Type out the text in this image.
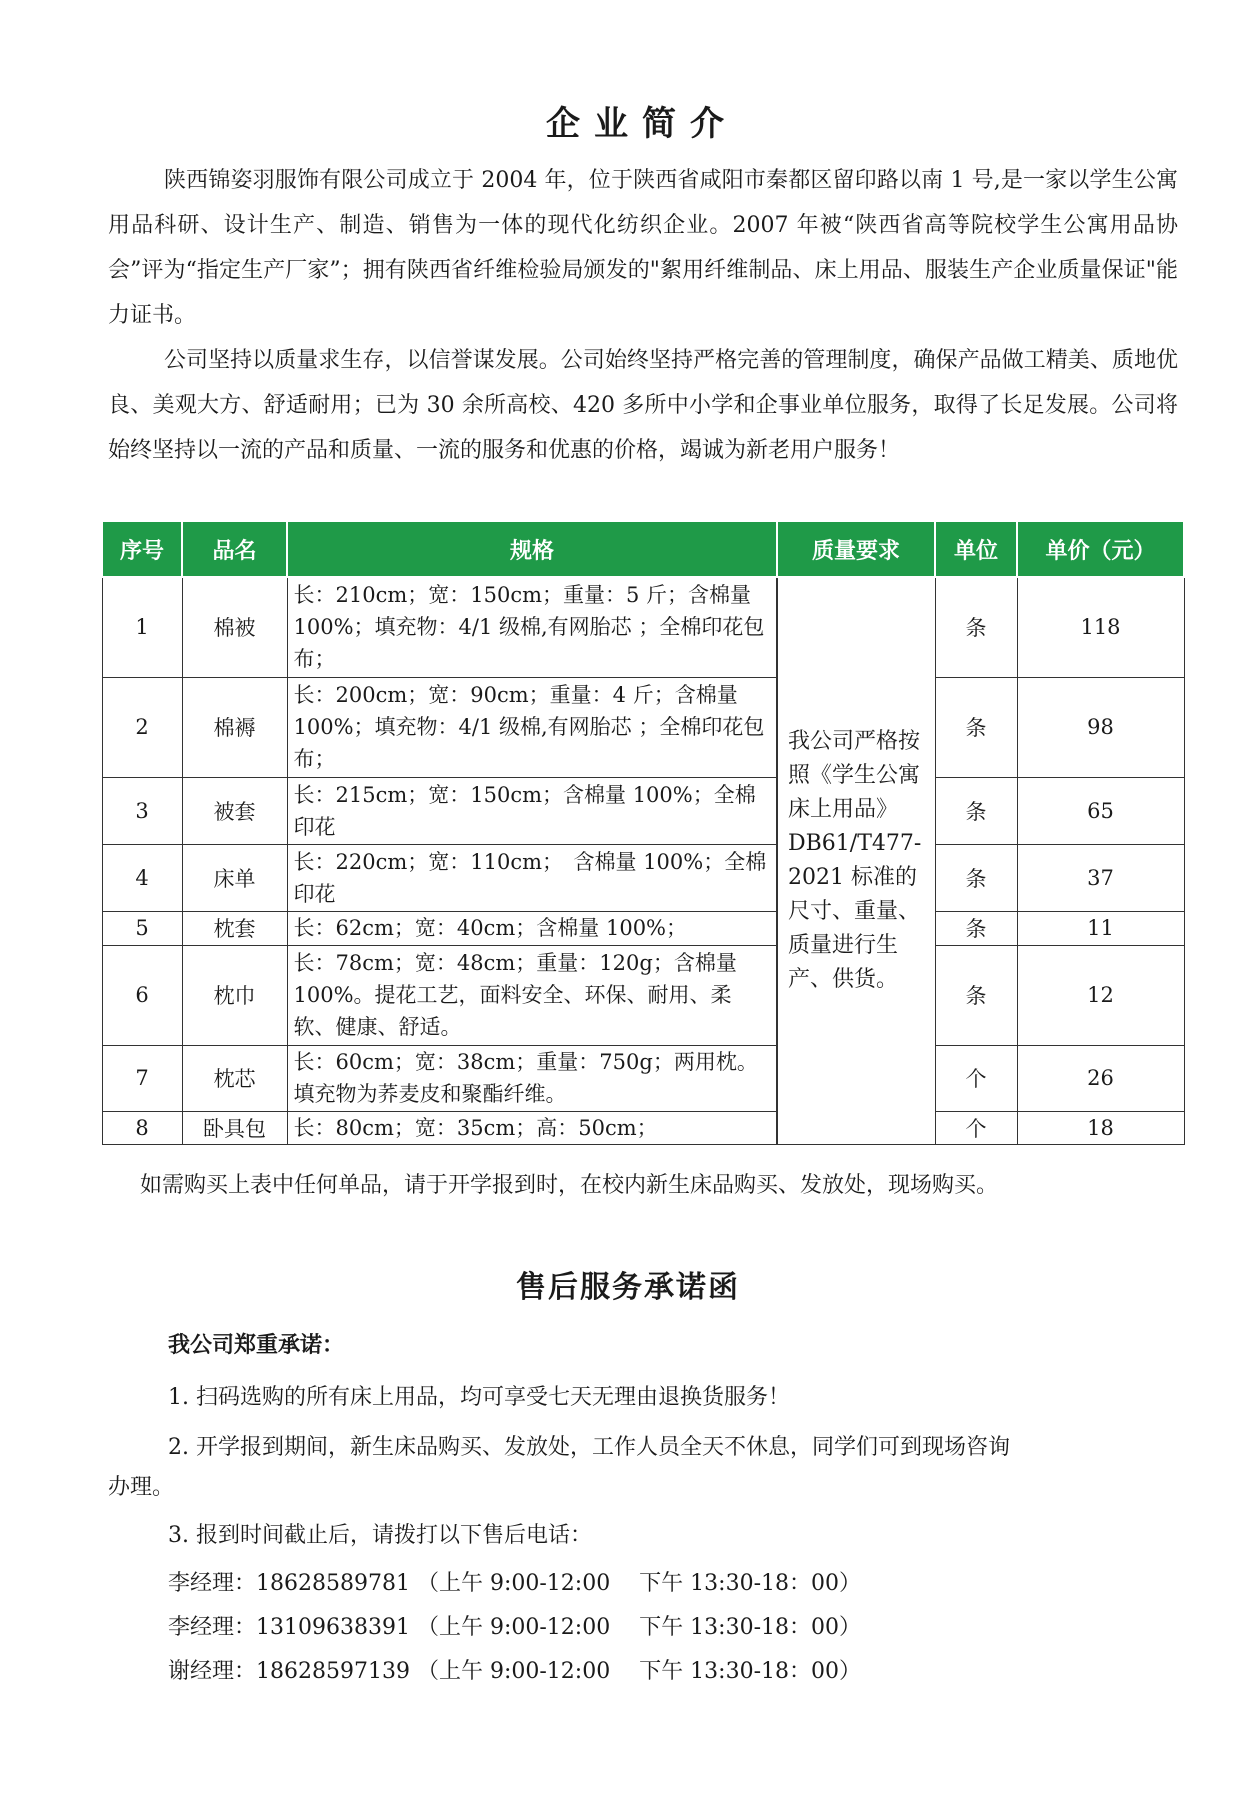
企业简介

陕西锦姿羽服饰有限公司成立于 2004 年，位于陕西省咸阳市秦都区留印路以南 1 号,是一家以学生公寓用品科研、设计生产、制造、销售为一体的现代化纺织企业。2007 年被“陕西省高等院校学生公寓用品协会”评为“指定生产厂家”；拥有陕西省纤维检验局颁发的"絮用纤维制品、床上用品、服装生产企业质量保证"能力证书。

公司坚持以质量求生存，以信誉谋发展。公司始终坚持严格完善的管理制度，确保产品做工精美、质地优良、美观大方、舒适耐用；已为 30 余所高校、420 多所中小学和企事业单位服务，取得了长足发展。公司将始终坚持以一流的产品和质量、一流的服务和优惠的价格，竭诚为新老用户服务！

序号	品名	规格	质量要求	单位	单价（元）
1	棉被	长：210cm；宽：150cm；重量：5 斤；含棉量 100%；填充物：4/1 级棉,有网胎芯 ；全棉印花包布；	我公司严格按照《学生公寓床上用品》DB61/T477-2021 标准的尺寸、重量、质量进行生产、供货。	条	118
2	棉褥	长：200cm；宽：90cm；重量：4 斤；含棉量 100%；填充物：4/1 级棉,有网胎芯 ；全棉印花包布；		条	98
3	被套	长：215cm；宽：150cm；含棉量 100%；全棉印花		条	65
4	床单	长：220cm；宽：110cm；　含棉量 100%；全棉印花		条	37
5	枕套	长：62cm；宽：40cm；含棉量 100%；		条	11
6	枕巾	长：78cm；宽：48cm；重量：120g；含棉量 100%。提花工艺，面料安全、环保、耐用、柔软、健康、舒适。		条	12
7	枕芯	长：60cm；宽：38cm；重量：750g；两用枕。填充物为荞麦皮和聚酯纤维。		个	26
8	卧具包	长：80cm；宽：35cm；高：50cm；		个	18

如需购买上表中任何单品，请于开学报到时，在校内新生床品购买、发放处，现场购买。

售后服务承诺函

我公司郑重承诺：

1. 扫码选购的所有床上用品，均可享受七天无理由退换货服务！

2. 开学报到期间，新生床品购买、发放处，工作人员全天不休息，同学们可到现场咨询

办理。

3. 报到时间截止后，请拨打以下售后电话：

李经理：18628589781 （上午 9:00-12:00　 下午 13:30-18：00）

李经理：13109638391 （上午 9:00-12:00　 下午 13:30-18：00）

谢经理：18628597139 （上午 9:00-12:00　 下午 13:30-18：00）
